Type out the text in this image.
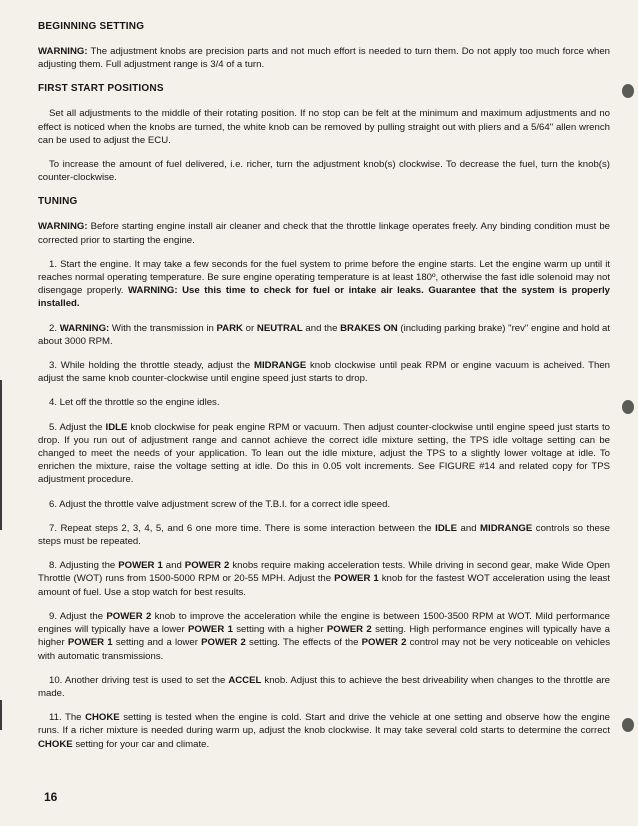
BEGINNING SETTING

WARNING: The adjustment knobs are precision parts and not much effort is needed to turn them. Do not apply too much force when adjusting them. Full adjustment range is 3/4 of a turn.

FIRST START POSITIONS

Set all adjustments to the middle of their rotating position. If no stop can be felt at the minimum and maximum adjustments and no effect is noticed when the knobs are turned, the white knob can be removed by pulling straight out with pliers and a 5/64" allen wrench can be used to adjust the ECU.

To increase the amount of fuel delivered, i.e. richer, turn the adjustment knob(s) clockwise. To decrease the fuel, turn the knob(s) counter-clockwise.

TUNING

WARNING: Before starting engine install air cleaner and check that the throttle linkage operates freely. Any binding condition must be corrected prior to starting the engine.

1. Start the engine. It may take a few seconds for the fuel system to prime before the engine starts. Let the engine warm up until it reaches normal operating temperature. Be sure engine operating temperature is at least 180º, otherwise the fast idle solenoid may not disengage properly. WARNING: Use this time to check for fuel or intake air leaks. Guarantee that the system is properly installed.

2. WARNING: With the transmission in PARK or NEUTRAL and the BRAKES ON (including parking brake) "rev" engine and hold at about 3000 RPM.

3. While holding the throttle steady, adjust the MIDRANGE knob clockwise until peak RPM or engine vacuum is acheived. Then adjust the same knob counter-clockwise until engine speed just starts to drop.

4. Let off the throttle so the engine idles.

5. Adjust the IDLE knob clockwise for peak engine RPM or vacuum. Then adjust counter-clockwise until engine speed just starts to drop. If you run out of adjustment range and cannot achieve the correct idle mixture setting, the TPS idle voltage setting can be changed to meet the needs of your application. To lean out the idle mixture, adjust the TPS to a slightly lower voltage at idle. To enrichen the mixture, raise the voltage setting at idle. Do this in 0.05 volt increments. See FIGURE #14 and related copy for TPS adjustment procedure.

6. Adjust the throttle valve adjustment screw of the T.B.I. for a correct idle speed.

7. Repeat steps 2, 3, 4, 5, and 6 one more time. There is some interaction between the IDLE and MIDRANGE controls so these steps must be repeated.

8. Adjusting the POWER 1 and POWER 2 knobs require making acceleration tests. While driving in second gear, make Wide Open Throttle (WOT) runs from 1500-5000 RPM or 20-55 MPH. Adjust the POWER 1 knob for the fastest WOT acceleration using the least amount of fuel. Use a stop watch for best results.

9. Adjust the POWER 2 knob to improve the acceleration while the engine is between 1500-3500 RPM at WOT. Mild performance engines will typically have a lower POWER 1 setting with a higher POWER 2 setting. High performance engines will typically have a higher POWER 1 setting and a lower POWER 2 setting. The effects of the POWER 2 control may not be very noticeable on vehicles with automatic transmissions.

10. Another driving test is used to set the ACCEL knob. Adjust this to achieve the best driveability when changes to the throttle are made.

11. The CHOKE setting is tested when the engine is cold. Start and drive the vehicle at one setting and observe how the engine runs. If a richer mixture is needed during warm up, adjust the knob clockwise. It may take several cold starts to determine the correct CHOKE setting for your car and climate.

16
